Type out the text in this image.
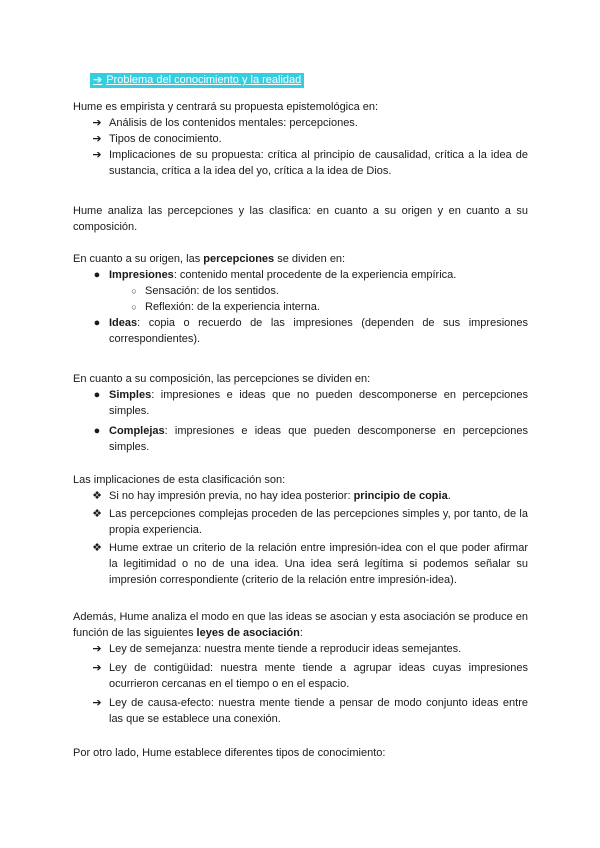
➔ Problema del conocimiento y la realidad

Hume es empirista y centrará su propuesta epistemológica en:

➔ Análisis de los contenidos mentales: percepciones.
➔ Tipos de conocimiento.
➔ Implicaciones de su propuesta: crítica al principio de causalidad, crítica a la idea de sustancia, crítica a la idea del yo, crítica a la idea de Dios.

Hume analiza las percepciones y las clasifica: en cuanto a su origen y en cuanto a su composición.

En cuanto a su origen, las percepciones se dividen en:

● Impresiones: contenido mental procedente de la experiencia empírica.
○ Sensación: de los sentidos.
○ Reflexión: de la experiencia interna.
● Ideas: copia o recuerdo de las impresiones (dependen de sus impresiones correspondientes).

En cuanto a su composición, las percepciones se dividen en:

● Simples: impresiones e ideas que no pueden descomponerse en percepciones simples.
● Complejas: impresiones e ideas que pueden descomponerse en percepciones simples.

Las implicaciones de esta clasificación son:

❖ Si no hay impresión previa, no hay idea posterior: principio de copia.
❖ Las percepciones complejas proceden de las percepciones simples y, por tanto, de la propia experiencia.
❖ Hume extrae un criterio de la relación entre impresión-idea con el que poder afirmar la legitimidad o no de una idea. Una idea será legítima si podemos señalar su impresión correspondiente (criterio de la relación entre impresión-idea).

Además, Hume analiza el modo en que las ideas se asocian y esta asociación se produce en función de las siguientes leyes de asociación:

➔ Ley de semejanza: nuestra mente tiende a reproducir ideas semejantes.
➔ Ley de contigüidad: nuestra mente tiende a agrupar ideas cuyas impresiones ocurrieron cercanas en el tiempo o en el espacio.
➔ Ley de causa-efecto: nuestra mente tiende a pensar de modo conjunto ideas entre las que se establece una conexión.

Por otro lado, Hume establece diferentes tipos de conocimiento:
